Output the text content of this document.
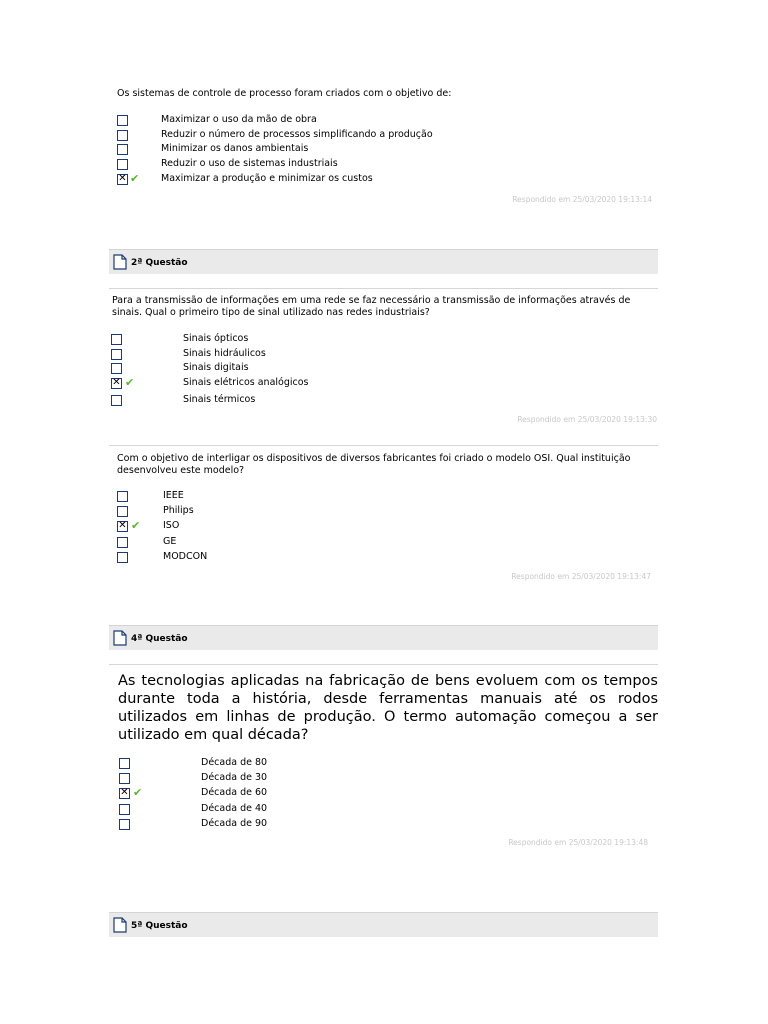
Os sistemas de controle de processo foram criados com o objetivo de:
Maximizar o uso da mão de obra
Reduzir o número de processos simplificando a produção
Minimizar os danos ambientais
Reduzir o uso de sistemas industriais
✕
✔ Maximizar a produção e minimizar os custos
Respondido em 25/03/2020 19:13:14
2ª Questão
Para a transmissão de informações em uma rede se faz necessário a transmissão de informações através de sinais. Qual o primeiro tipo de sinal utilizado nas redes industriais?
Sinais ópticos
Sinais hidráulicos
Sinais digitais
✕
✔	Sinais elétricos analógicos
Sinais térmicos
Respondido em 25/03/2020 19:13:30
Com o objetivo de interligar os dispositivos de diversos fabricantes foi criado o modelo OSI. Qual instituição desenvolveu este modelo?
IEEE
Philips
✕
✔ ISO
GE
MODCON
Respondido em 25/03/2020 19:13:47
4ª Questão
As tecnologias aplicadas na fabricação de bens evoluem com os tempos durante toda a história, desde ferramentas manuais até os rodos utilizados em linhas de produção. O termo automação começou a ser utilizado em qual década?
Década de 80
Década de 30
✕
✔	Década de 60
Década de 40
Década de 90
Respondido em 25/03/2020 19:13:48
5ª Questão
